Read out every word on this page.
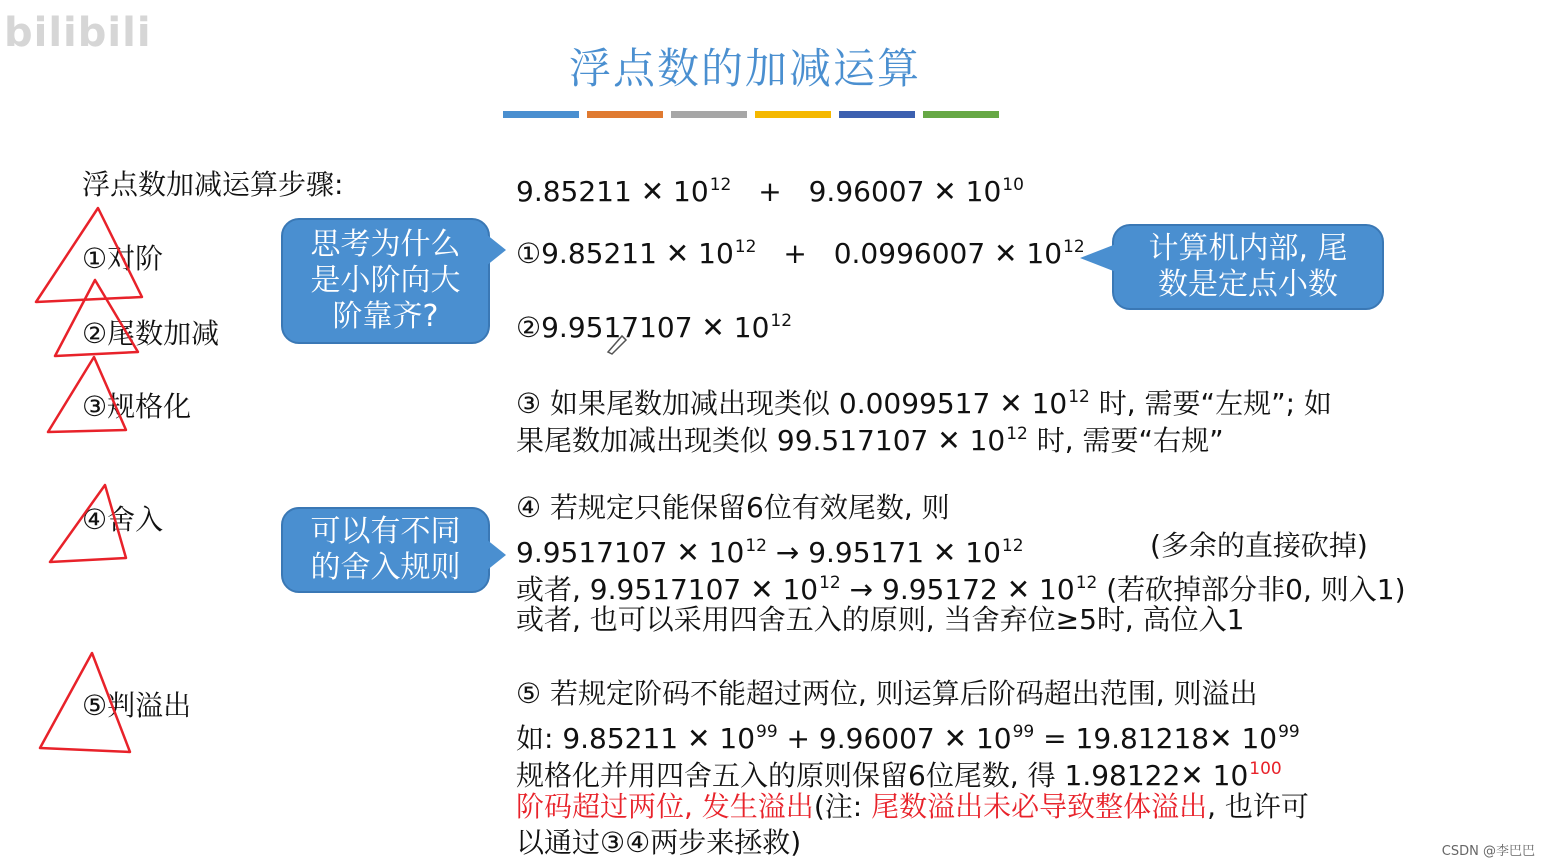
bilibili
浮点数的加减运算
浮点数加减运算步骤:
①对阶
②尾数加减
③规格化
④舍入
⑤判溢出
思考为什么
是小阶向大
阶靠齐?
计算机内部, 尾
数是定点小数
可以有不同
的舍入规则
9.85211 ✕ $10^{12} + 9.96007$ ✕ $10^{10}$
①9.85211 ✕ $10^{12} + 0.0996007$ ✕ $10^{12}$
②9.9517107 ✕ $10^{12}$
③ 如果尾数加减出现类似 0.0099517 ✕ $10^{12}$ 时, 需要“左规”; 如
果尾数加减出现类似 99.517107 ✕ $10^{12}$ 时, 需要“右规”
④ 若规定只能保留6位有效尾数, 则
9.9517107 ✕ $10^{12} \to 9.95171$ ✕ $10^{12}$	(多余的直接砍掉)
或者, 9.9517107 ✕ $10^{12} \to 9.95172$ ✕ $10^{12}$ (若砍掉部分非0, 则入1)
或者, 也可以采用四舍五入的原则, 当舍弃位≥5时, 高位入1
⑤ 若规定阶码不能超过两位, 则运算后阶码超出范围, 则溢出
如: 9.85211 ✕ $10^{99} + 9.96007$ ✕ $10^{99}$ = 19.81218✕ $10^{99}$
规格化并用四舍五入的原则保留6位尾数, 得 1.98122✕ $10^{100}$
阶码超过两位, 发生溢出(注: 尾数溢出未必导致整体溢出, 也许可
以通过③④两步来拯救)	CSDN @李巴巴
